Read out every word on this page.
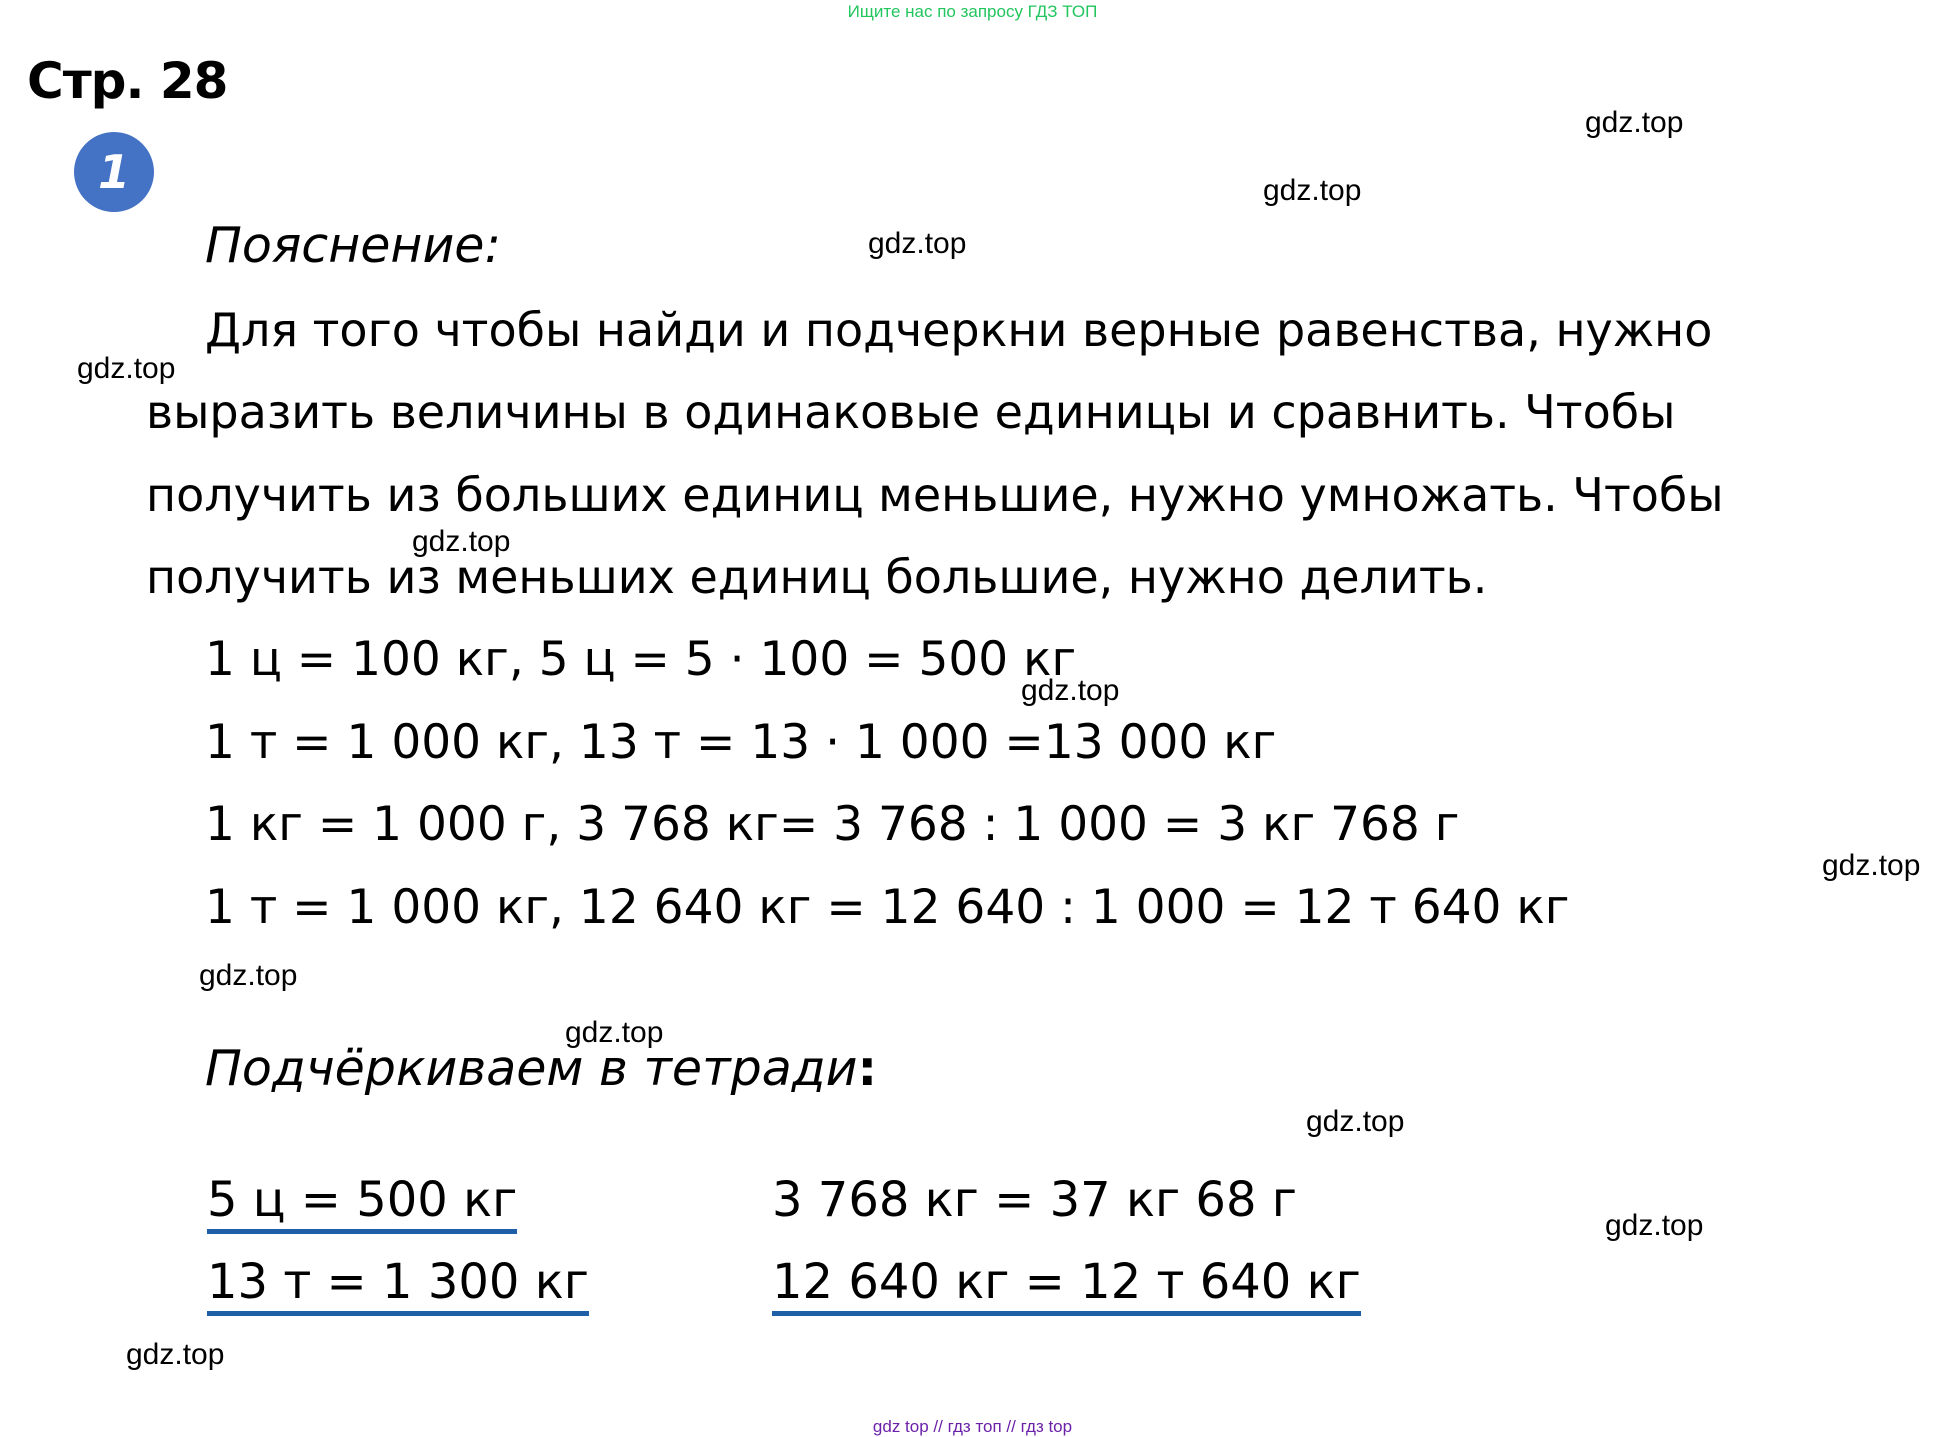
Ищите нас по запросу ГДЗ ТОП
Стр. 28
1
Пояснение:
Для того чтобы найди и подчеркни верные равенства, нужно
выразить величины в одинаковые единицы и сравнить. Чтобы
получить из больших единиц меньшие, нужно умножать. Чтобы
получить из меньших единиц большие, нужно делить.
1 ц = 100 кг, 5 ц = 5 · 100 = 500 кг
1 т = 1 000 кг, 13 т = 13 · 1 000 =13 000 кг
1 кг = 1 000 г, 3 768 кг= 3 768 : 1 000 = 3 кг 768 г
1 т = 1 000 кг, 12 640 кг = 12 640 : 1 000 = 12 т 640 кг
Подчёркиваем в тетради:
5 ц = 500 кг
13 т = 1 300 кг
3 768 кг = 37 кг 68 г
12 640 кг = 12 т 640 кг
gdz.top
gdz.top
gdz.top
gdz.top
gdz.top
gdz.top
gdz.top
gdz.top
gdz.top
gdz.top
gdz.top
gdz.top
gdz top // гдз топ // гдз top
